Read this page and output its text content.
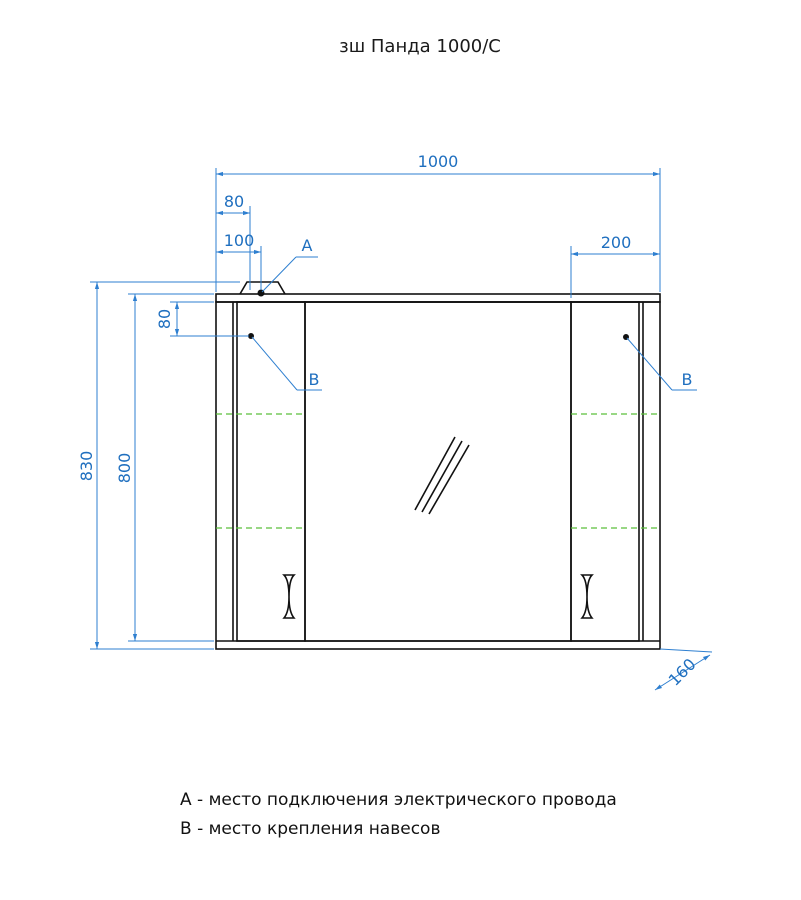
зш Панда 1000/С
1000
80
100	200
830 800
80
160
A
B	B
A - место подключения электрического провода
B - место крепления навесов
